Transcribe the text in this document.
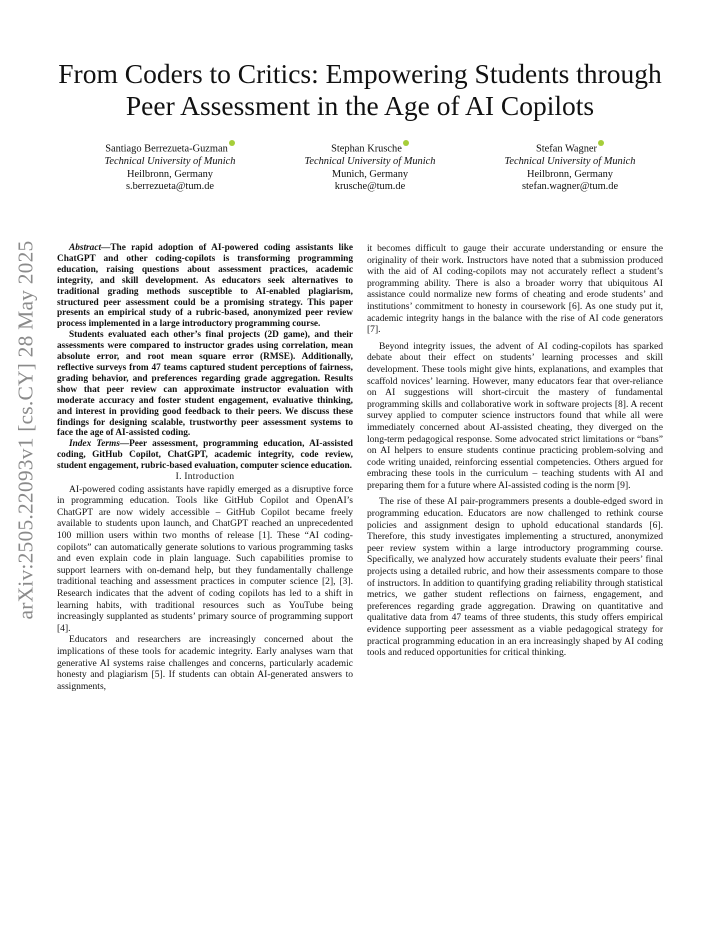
arXiv:2505.22093v1 [cs.CY] 28 May 2025
From Coders to Critics: Empowering Students through Peer Assessment in the Age of AI Copilots
Santiago Berrezueta-Guzman
Technical University of Munich
Heilbronn, Germany
s.berrezueta@tum.de
Stephan Krusche
Technical University of Munich
Munich, Germany
krusche@tum.de
Stefan Wagner
Technical University of Munich
Heilbronn, Germany
stefan.wagner@tum.de

Abstract—The rapid adoption of AI-powered coding assistants like ChatGPT and other coding-copilots is transforming programming education, raising questions about assessment practices, academic integrity, and skill development. As educators seek alternatives to traditional grading methods susceptible to AI-enabled plagiarism, structured peer assessment could be a promising strategy. This paper presents an empirical study of a rubric-based, anonymized peer review process implemented in a large introductory programming course.

Students evaluated each other’s final projects (2D game), and their assessments were compared to instructor grades using correlation, mean absolute error, and root mean square error (RMSE). Additionally, reflective surveys from 47 teams captured student perceptions of fairness, grading behavior, and preferences regarding grade aggregation. Results show that peer review can approximate instructor evaluation with moderate accuracy and foster student engagement, evaluative thinking, and interest in providing good feedback to their peers. We discuss these findings for designing scalable, trustworthy peer assessment systems to face the age of AI-assisted coding.

Index Terms—Peer assessment, programming education, AI-assisted coding, GitHub Copilot, ChatGPT, academic integrity, code review, student engagement, rubric-based evaluation, computer science education.

I. Introduction

AI-powered coding assistants have rapidly emerged as a disruptive force in programming education. Tools like GitHub Copilot and OpenAI’s ChatGPT are now widely accessible – GitHub Copilot became freely available to students upon launch, and ChatGPT reached an unprecedented 100 million users within two months of release [1]. These “AI coding-copilots” can automatically generate solutions to various programming tasks and even explain code in plain language. Such capabilities promise to support learners with on-demand help, but they fundamentally challenge traditional teaching and assessment practices in computer science [2], [3]. Research indicates that the advent of coding copilots has led to a shift in learning habits, with traditional resources such as YouTube being increasingly supplanted as students’ primary source of programming support [4].

Educators and researchers are increasingly concerned about the implications of these tools for academic integrity. Early analyses warn that generative AI systems raise challenges and concerns, particularly academic honesty and plagiarism [5]. If students can obtain AI-generated answers to assignments,

it becomes difficult to gauge their accurate understanding or ensure the originality of their work. Instructors have noted that a submission produced with the aid of AI coding-copilots may not accurately reflect a student’s programming ability. There is also a broader worry that ubiquitous AI assistance could normalize new forms of cheating and erode students’ and institutions’ commitment to honesty in coursework [6]. As one study put it, academic integrity hangs in the balance with the rise of AI code generators [7].

Beyond integrity issues, the advent of AI coding-copilots has sparked debate about their effect on students’ learning processes and skill development. These tools might give hints, explanations, and examples that scaffold novices’ learning. However, many educators fear that over-reliance on AI suggestions will short-circuit the mastery of fundamental programming skills and collaborative work in software projects [8]. A recent survey applied to computer science instructors found that while all were immediately concerned about AI-assisted cheating, they diverged on the long-term pedagogical response. Some advocated strict limitations or “bans” on AI helpers to ensure students continue practicing problem-solving and code writing unaided, reinforcing essential competencies. Others argued for embracing these tools in the curriculum – teaching students with AI and preparing them for a future where AI-assisted coding is the norm [9].

The rise of these AI pair-programmers presents a double-edged sword in programming education. Educators are now challenged to rethink course policies and assignment design to uphold educational standards [6]. Therefore, this study investigates implementing a structured, anonymized peer review system within a large introductory programming course. Specifically, we analyzed how accurately students evaluate their peers’ final projects using a detailed rubric, and how their assessments compare to those of instructors. In addition to quantifying grading reliability through statistical metrics, we gather student reflections on fairness, engagement, and preferences regarding grade aggregation. Drawing on quantitative and qualitative data from 47 teams of three students, this study offers empirical evidence supporting peer assessment as a viable pedagogical strategy for practical programming education in an era increasingly shaped by AI coding tools and reduced opportunities for critical thinking.
